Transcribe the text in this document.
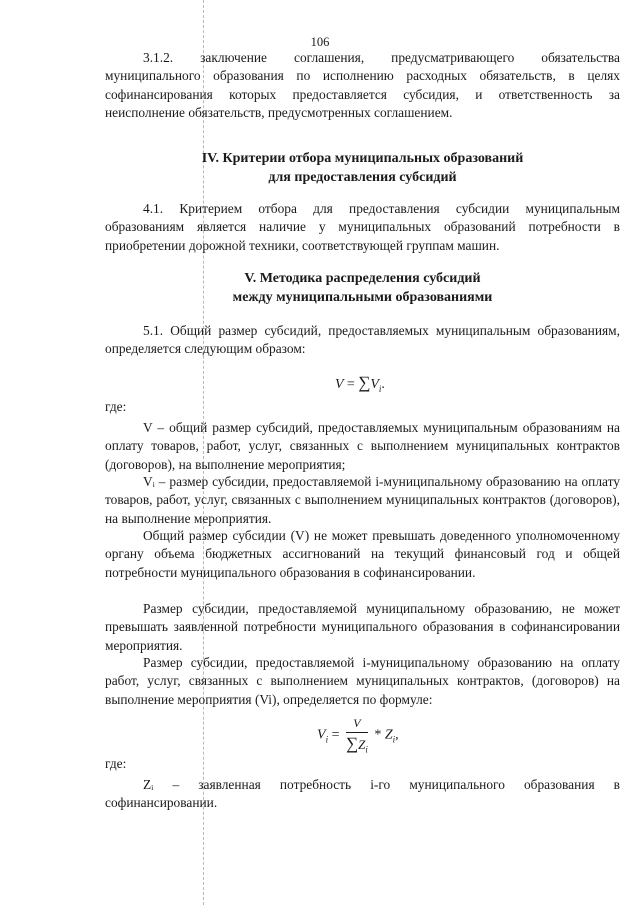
106

3.1.2. заключение соглашения, предусматривающего обязательства муниципального образования по исполнению расходных обязательств, в целях софинансирования которых предоставляется субсидия, и ответственность за неисполнение обязательств, предусмотренных соглашением.

IV. Критерии отбора муниципальных образований
для предоставления субсидий

4.1. Критерием отбора для предоставления субсидии муниципальным образованиям является наличие у муниципальных образований потребности в приобретении дорожной техники, соответствующей группам машин.

V. Методика распределения субсидий
между муниципальными образованиями

5.1. Общий размер субсидий, предоставляемых муниципальным образованиям, определяется следующим образом:

$V = \sum V_i$.

где:

V – общий размер субсидий, предоставляемых муниципальным образованиям на оплату товаров, работ, услуг, связанных с выполнением муниципальных контрактов (договоров), на выполнение мероприятия;

Vᵢ – размер субсидии, предоставляемой i-муниципальному образованию на оплату товаров, работ, услуг, связанных с выполнением муниципальных контрактов (договоров), на выполнение мероприятия.

Общий размер субсидии (V) не может превышать доведенного уполномоченному органу объема бюджетных ассигнований на текущий финансовый год и общей потребности муниципального образования в софинансировании.

Размер субсидии, предоставляемой муниципальному образованию, не может превышать заявленной потребности муниципального образования в софинансировании мероприятия.

Размер субсидии, предоставляемой i-муниципальному образованию на оплату работ, услуг, связанных с выполнением муниципальных контрактов, (договоров) на выполнение мероприятия (Vi), определяется по формуле:

$V_i = \frac{V}{\sum Z_i} * Z_i$,

где:

Zᵢ – заявленная потребность i-го муниципального образования в софинансировании.
